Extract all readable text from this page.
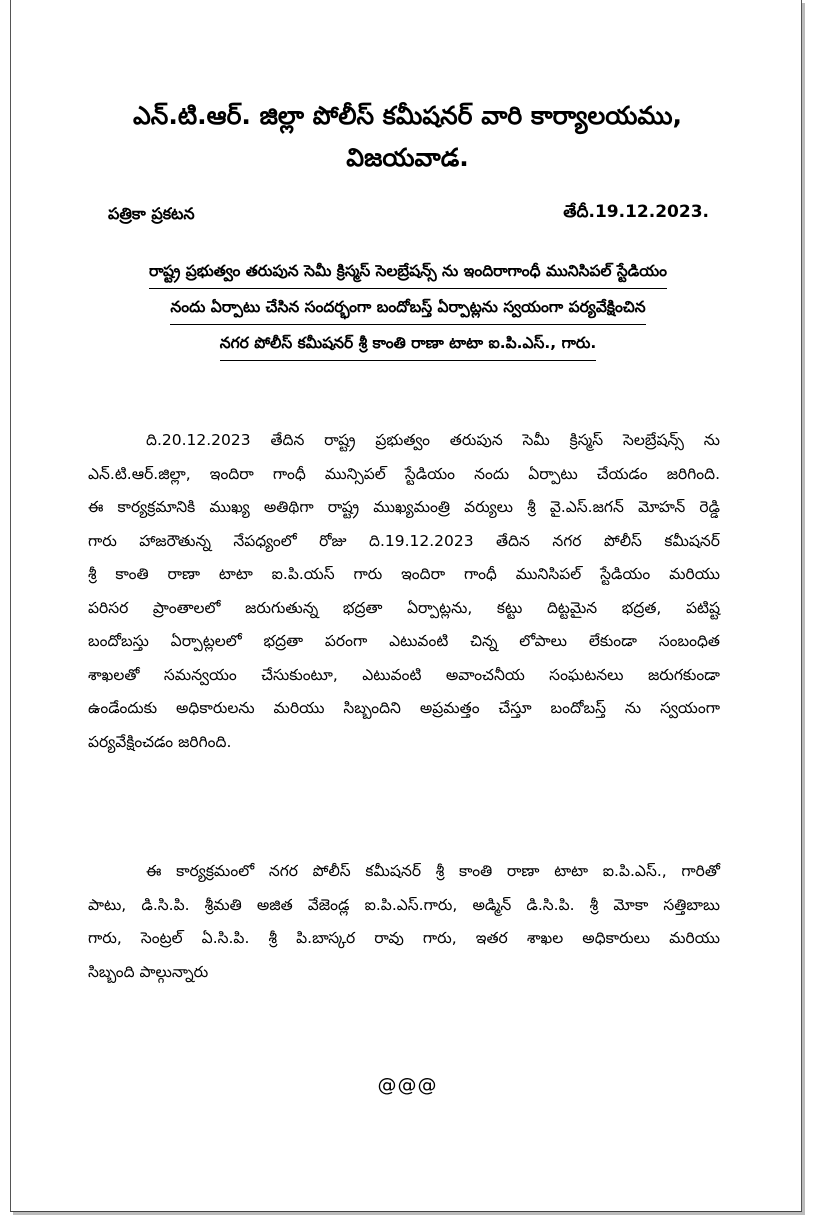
ఎన్.టి.ఆర్. జిల్లా పోలీస్ కమీషనర్ వారి కార్యాలయము,
విజయవాడ.
పత్రికా ప్రకటన	తేదీ.19.12.2023.
రాష్ట్ర ప్రభుత్వం తరుపున సెమీ క్రిస్మస్ సెలబ్రేషన్స్ ను ఇందిరాగాంధీ మునిసిపల్ స్టేడియం
నందు ఏర్పాటు చేసిన సందర్భంగా బందోబస్త్ ఏర్పాట్లను స్వయంగా పర్యవేక్షించిన
నగర పోలీస్ కమీషనర్ శ్రీ కాంతి రాణా టాటా ఐ.పి.ఎస్., గారు.
ది.20.12.2023 తేదిన రాష్ట్ర ప్రభుత్వం తరుపున సెమీ క్రిస్మస్ సెలబ్రేషన్స్ ను
ఎన్.టి.ఆర్.జిల్లా, ఇందిరా గాంధీ మున్సిపల్ స్టేడియం నందు ఏర్పాటు చేయడం జరిగింది.
ఈ కార్యక్రమానికి ముఖ్య అతిథిగా రాష్ట్ర ముఖ్యమంత్రి వర్యులు శ్రీ వై.ఎస్.జగన్ మోహన్ రెడ్డి
గారు హాజరౌతున్న నేపధ్యంలో రోజు ది.19.12.2023 తేదిన నగర పోలీస్ కమీషనర్
శ్రీ కాంతి రాణా టాటా ఐ.పి.యస్ గారు ఇందిరా గాంధీ మునిసిపల్ స్టేడియం మరియు
పరిసర ప్రాంతాలలో జరుగుతున్న భద్రతా ఏర్పాట్లను, కట్టు దిట్టమైన భద్రత, పటిష్ట
బందోబస్తు ఏర్పాట్లలలో భద్రతా పరంగా ఎటువంటి చిన్న లోపాలు లేకుండా సంబంధిత
శాఖలతో సమన్వయం చేసుకుంటూ, ఎటువంటి అవాంచనీయ సంఘటనలు జరుగకుండా
ఉండేందుకు అధికారులను మరియు సిబ్బందిని అప్రమత్తం చేస్తూ బందోబస్త్ ను స్వయంగా
పర్యవేక్షించడం జరిగింది.
ఈ కార్యక్రమంలో నగర పోలీస్ కమీషనర్ శ్రీ కాంతి రాణా టాటా ఐ.పి.ఎస్., గారితో
పాటు, డి.సి.పి. శ్రీమతి అజిత వేజెండ్ల ఐ.పి.ఎస్.గారు, అడ్మిన్ డి.సి.పి. శ్రీ మోకా సత్తిబాబు
గారు, సెంట్రల్ ఏ.సి.పి. శ్రీ పి.బాస్కర రావు గారు, ఇతర శాఖల అధికారులు మరియు
సిబ్బంది పాల్గున్నారు
@@@
